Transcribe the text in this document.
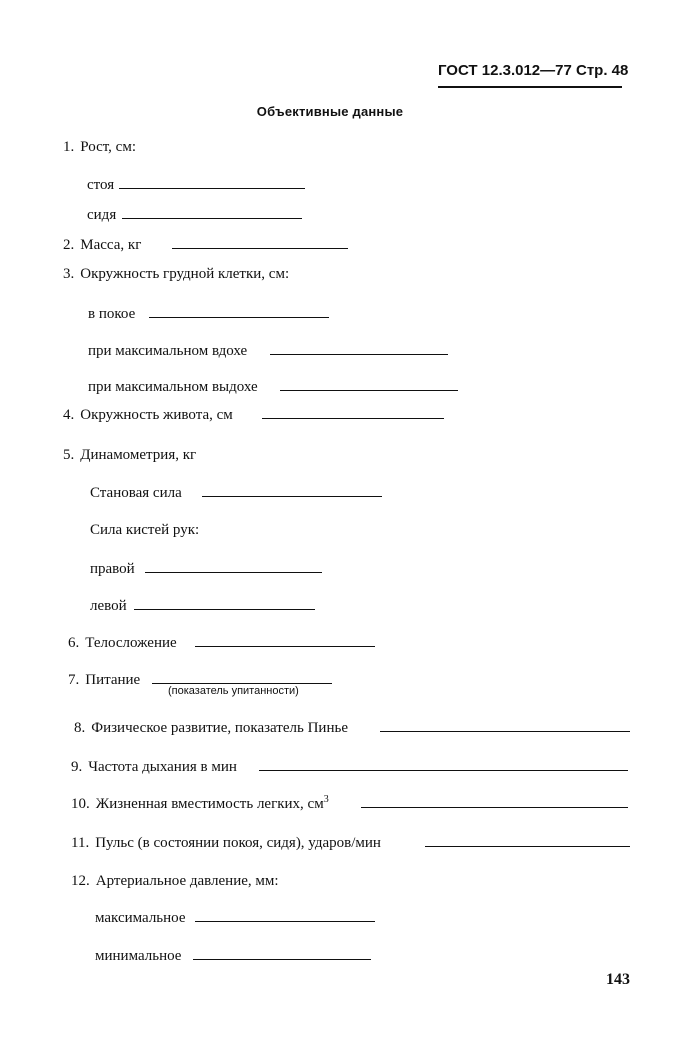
ГОСТ 12.3.012—77 Стр. 48
Объективные данные
1. Рост, см:
стоя
сидя
2. Масса, кг
3. Окружность грудной клетки, см:
в покое
при максимальном вдохе
при максимальном выдохе
4. Окружность живота, см
5. Динамометрия, кг
Становая сила
Сила кистей рук:
правой
левой
6. Телосложение
7. Питание
(показатель упитанности)
8. Физическое развитие, показатель Пинье
9. Частота дыхания в мин
10. Жизненная вместимость легких, $см^3$
11. Пульс (в состоянии покоя, сидя), ударов/мин
12. Артериальное давление, мм:
максимальное
минимальное
143
